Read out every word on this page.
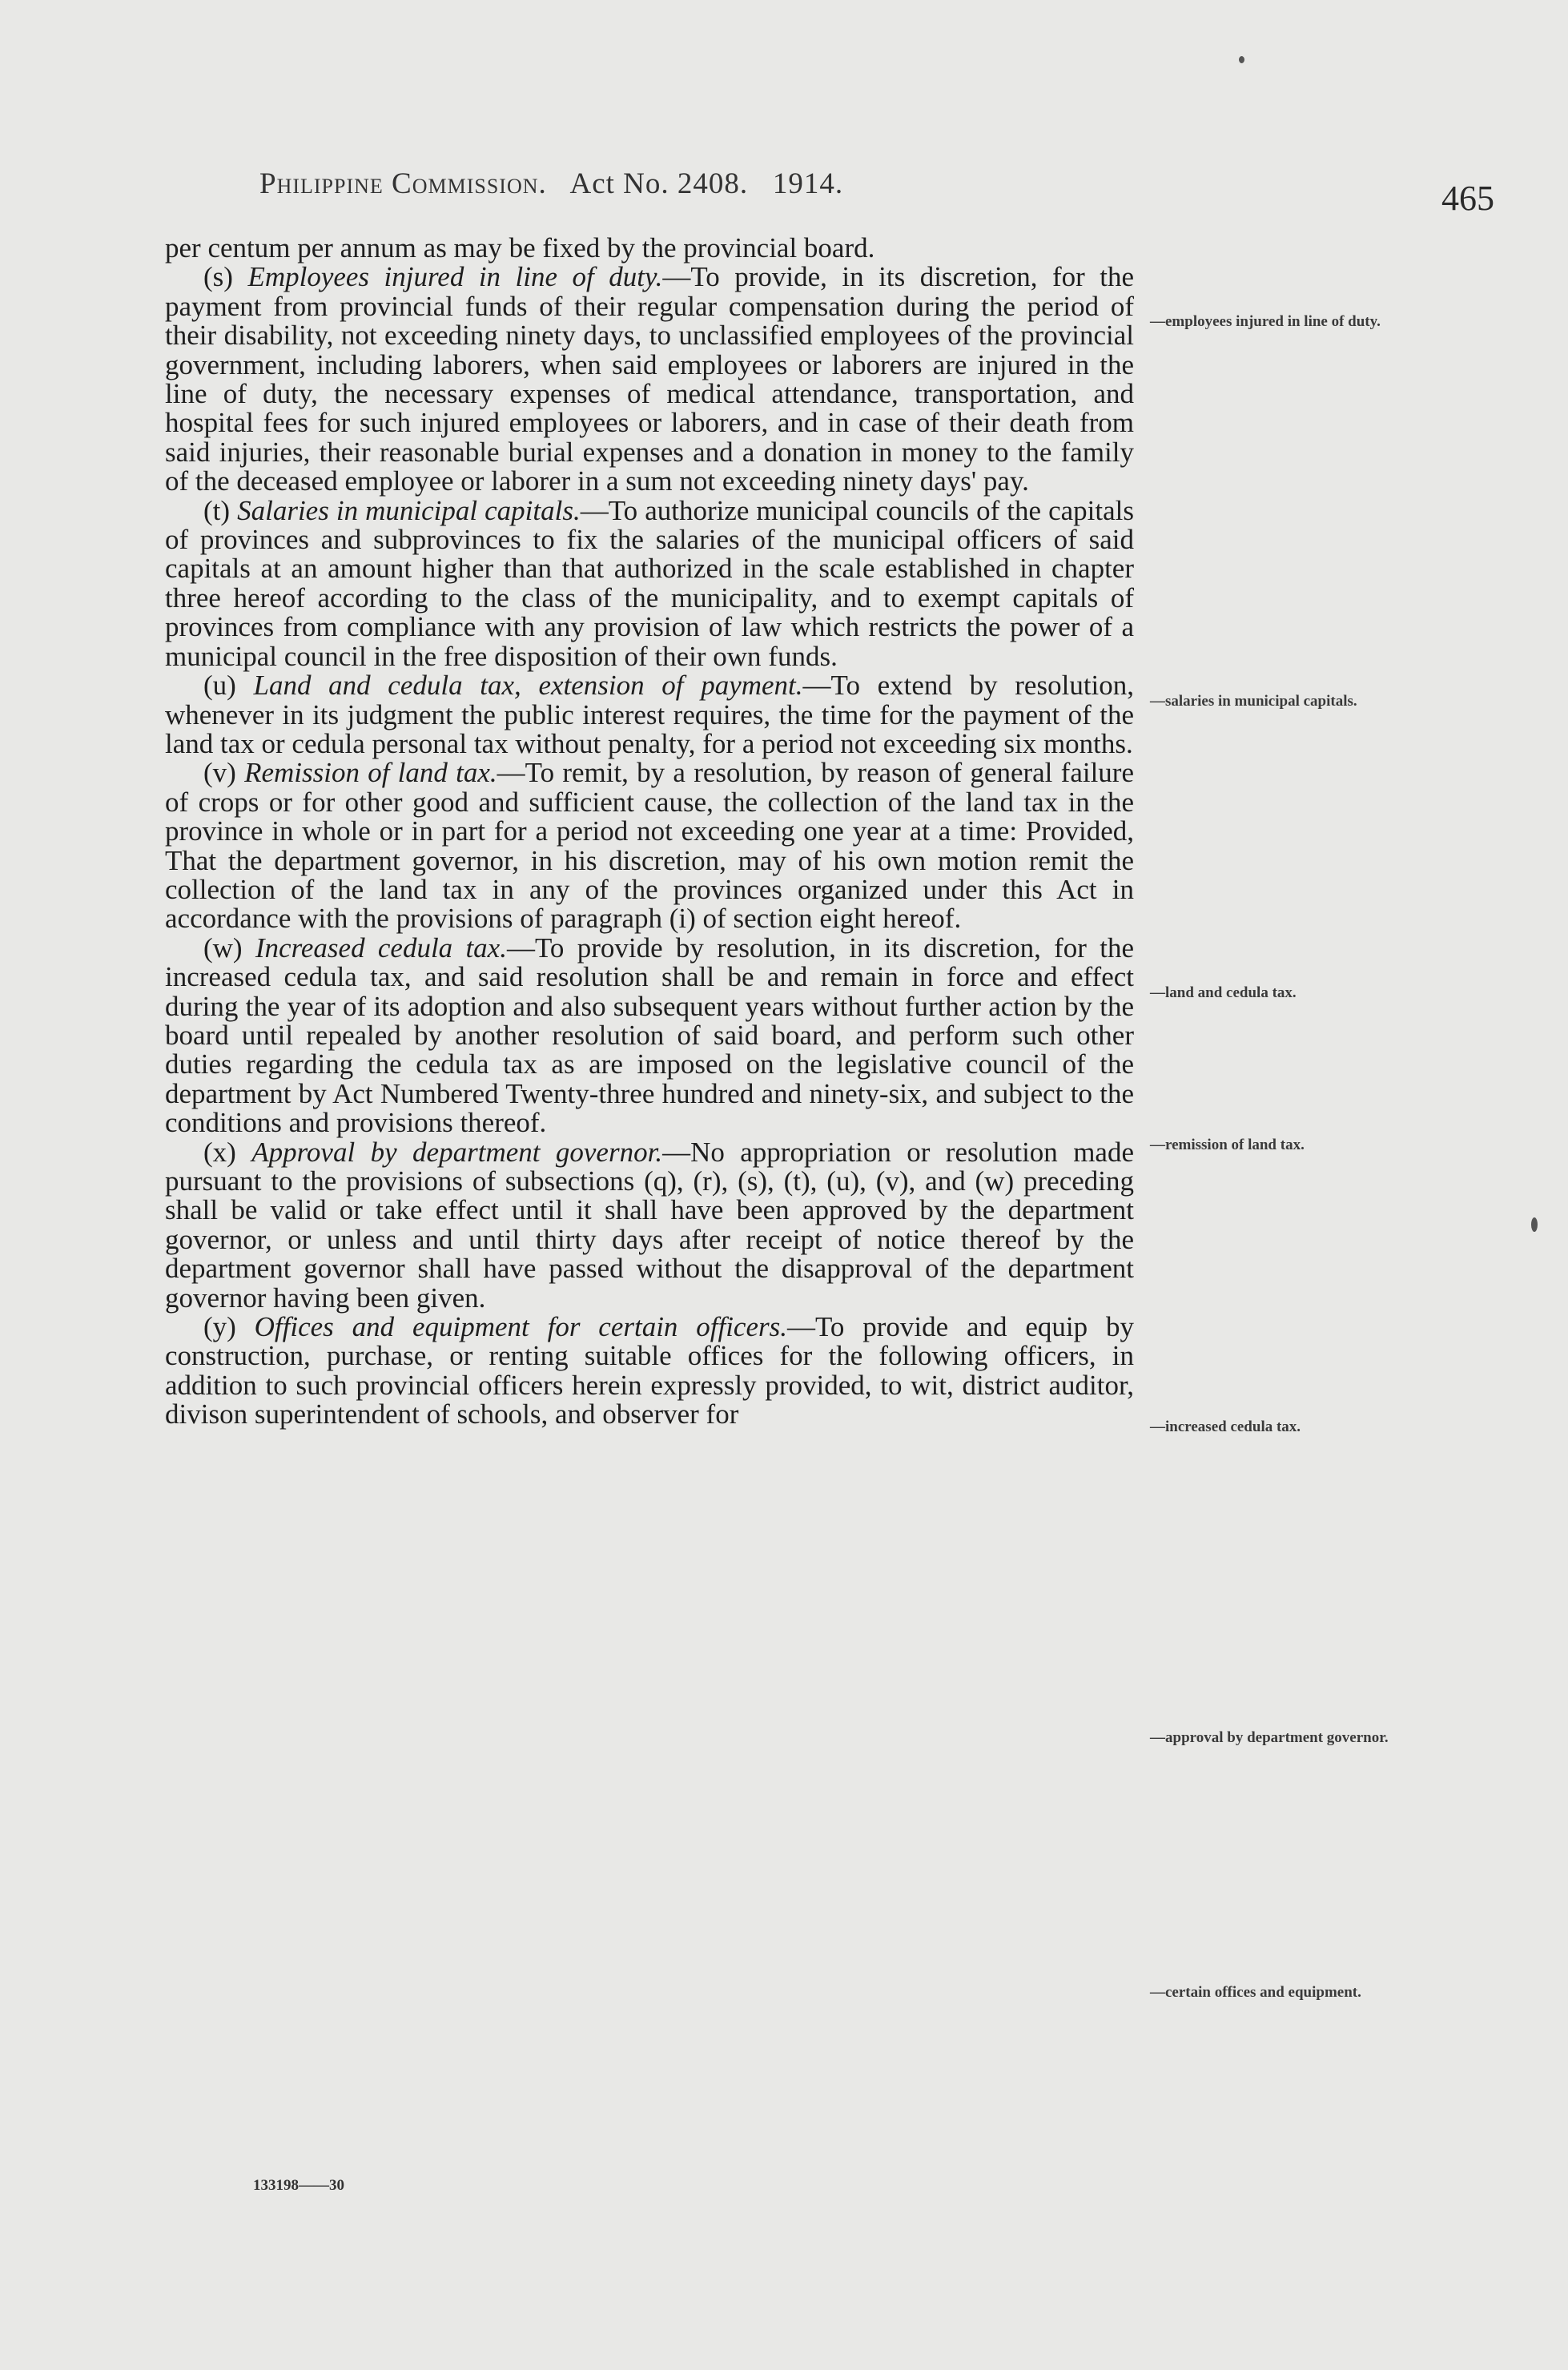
Philippine Commission. Act No. 2408. 1914.	465

per centum per annum as may be fixed by the provincial board.

(s) Employees injured in line of duty.—To provide, in its discretion, for the payment from provincial funds of their regular compensation during the period of their disability, not exceeding ninety days, to unclassified employees of the provincial government, including laborers, when said employees or laborers are injured in the line of duty, the necessary expenses of medical attendance, transportation, and hospital fees for such injured employees or laborers, and in case of their death from said injuries, their reasonable burial expenses and a donation in money to the family of the deceased employee or laborer in a sum not exceeding ninety days' pay.

(t) Salaries in municipal capitals.—To authorize municipal councils of the capitals of provinces and subprovinces to fix the salaries of the municipal officers of said capitals at an amount higher than that authorized in the scale established in chapter three hereof according to the class of the municipality, and to exempt capitals of provinces from compliance with any provision of law which restricts the power of a municipal council in the free disposition of their own funds.

(u) Land and cedula tax, extension of payment.—To extend by resolution, whenever in its judgment the public interest requires, the time for the payment of the land tax or cedula personal tax without penalty, for a period not exceeding six months.

(v) Remission of land tax.—To remit, by a resolution, by reason of general failure of crops or for other good and sufficient cause, the collection of the land tax in the province in whole or in part for a period not exceeding one year at a time: Provided, That the department governor, in his discretion, may of his own motion remit the collection of the land tax in any of the provinces organized under this Act in accordance with the provisions of paragraph (i) of section eight hereof.

(w) Increased cedula tax.—To provide by resolution, in its discretion, for the increased cedula tax, and said resolution shall be and remain in force and effect during the year of its adoption and also subsequent years without further action by the board until repealed by another resolution of said board, and perform such other duties regarding the cedula tax as are imposed on the legislative council of the department by Act Numbered Twenty-three hundred and ninety-six, and subject to the conditions and provisions thereof.

(x) Approval by department governor.—No appropriation or resolution made pursuant to the provisions of subsections (q), (r), (s), (t), (u), (v), and (w) preceding shall be valid or take effect until it shall have been approved by the department governor, or unless and until thirty days after receipt of notice thereof by the department governor shall have passed without the disapproval of the department governor having been given.

(y) Offices and equipment for certain officers.—To provide and equip by construction, purchase, or renting suitable offices for the following officers, in addition to such provincial officers herein expressly provided, to wit, district auditor, divison superintendent of schools, and observer for

—employees injured in line of duty.
—salaries in municipal capitals.
—land and cedula tax.
—remission of land tax.
—increased cedula tax.
—approval by department governor.
—certain offices and equipment.
133198——30
